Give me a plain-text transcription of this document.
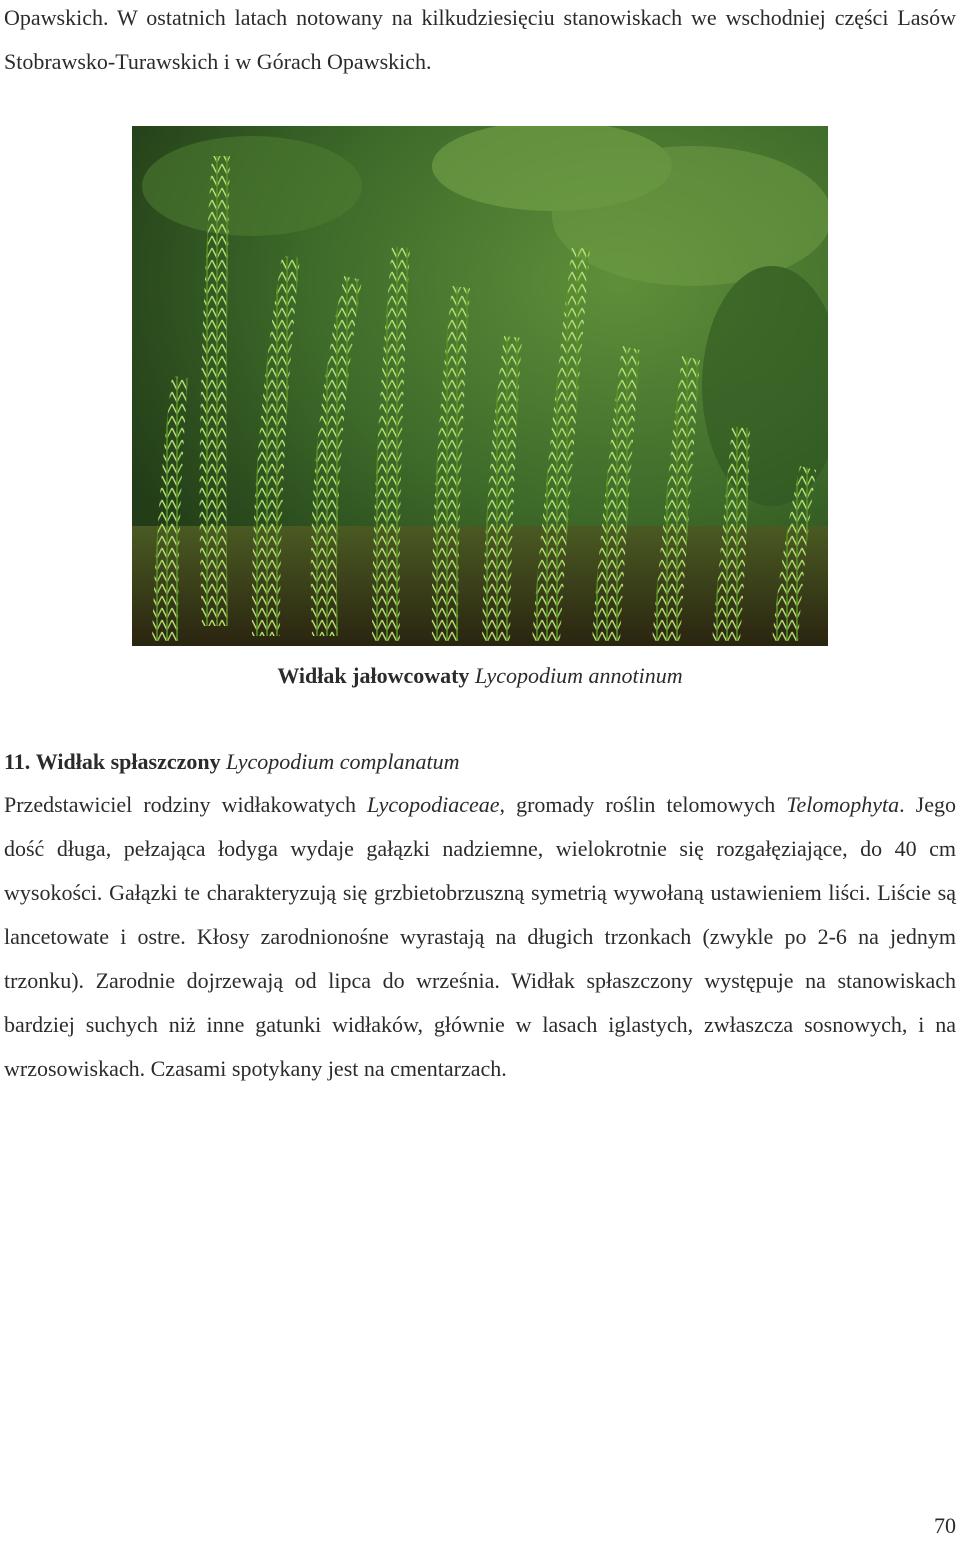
Opawskich. W ostatnich latach notowany na kilkudziesięciu stanowiskach we wschodniej części Lasów Stobrawsko-Turawskich i w Górach Opawskich.

Widłak jałowcowaty Lycopodium annotinum
11. Widłak spłaszczony Lycopodium complanatum

Przedstawiciel rodziny widłakowatych Lycopodiaceae, gromady roślin telomowych Telomophyta. Jego dość długa, pełzająca łodyga wydaje gałązki nadziemne, wielokrotnie się rozgałęziające, do 40 cm wysokości. Gałązki te charakteryzują się grzbietobrzuszną symetrią wywołaną ustawieniem liści. Liście są lancetowate i ostre. Kłosy zarodnionośne wyrastają na długich trzonkach (zwykle po 2-6 na jednym trzonku). Zarodnie dojrzewają od lipca do września. Widłak spłaszczony występuje na stanowiskach bardziej suchych niż inne gatunki widłaków, głównie w lasach iglastych, zwłaszcza sosnowych, i na wrzosowiskach. Czasami spotykany jest na cmentarzach.

70
